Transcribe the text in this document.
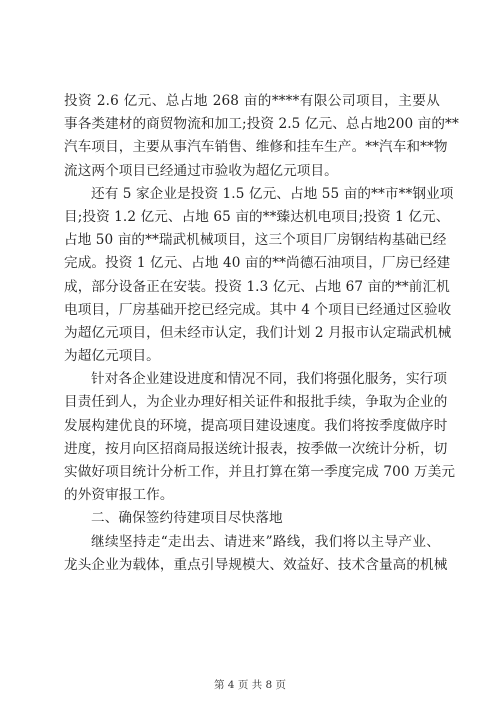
投资 2.6 亿元、总占地 268 亩的****有限公司项目，主要从
事各类建材的商贸物流和加工;投资 2.5 亿元、总占地200 亩的**
汽车项目，主要从事汽车销售、维修和挂车生产。**汽车和**物
流这两个项目已经通过市验收为超亿元项目。
还有 5 家企业是投资 1.5 亿元、占地 55 亩的**市**钢业项
目;投资 1.2 亿元、占地 65 亩的**臻达机电项目;投资 1 亿元、
占地 50 亩的**瑞武机械项目，这三个项目厂房钢结构基础已经
完成。投资 1 亿元、占地 40 亩的**尚德石油项目，厂房已经建
成，部分设备正在安装。投资 1.3 亿元、占地 67 亩的**前汇机
电项目，厂房基础开挖已经完成。其中 4 个项目已经通过区验收
为超亿元项目，但未经市认定，我们计划 2 月报市认定瑞武机械
为超亿元项目。
针对各企业建设进度和情况不同，我们将强化服务，实行项
目责任到人，为企业办理好相关证件和报批手续，争取为企业的
发展构建优良的环境，提高项目建设速度。我们将按季度做序时
进度，按月向区招商局报送统计报表，按季做一次统计分析，切
实做好项目统计分析工作，并且打算在第一季度完成 700 万美元
的外资审报工作。
二、确保签约待建项目尽快落地
继续坚持走“走出去、请进来”路线，我们将以主导产业、
龙头企业为载体，重点引导规模大、效益好、技术含量高的机械
第 4 页 共 8 页
